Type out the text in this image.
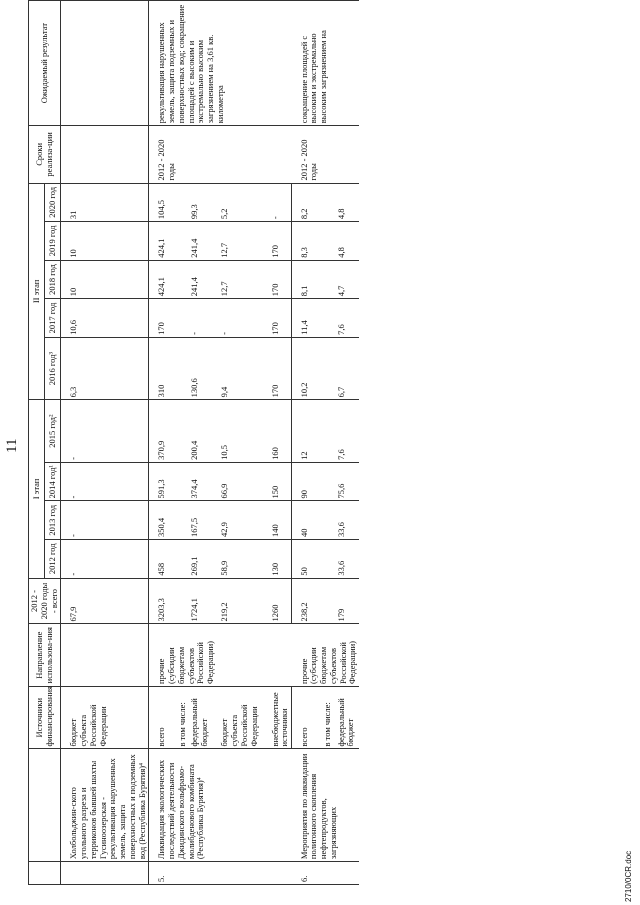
11
		Источники финансирования	Направление использова-ния	2012 - 2020 годы - всего	I этап				II этап					Сроки реализа-ции	Ожидаемый результат
					2012 год	2013 год	2014 год¹	2015 год²	2016 год³	2017 год	2018 год	2019 год	2020 год		
	Холбольджин-ского угольного разреза и терриконов бывшей шахты Гусиноозерская - рекультивация нарушенных земель, защита поверхностных и подземных вод (Республика Бурятия)⁴	бюджет субъекта Российской Федерации		67,9	-	-	-	-	6,3	10,6	10	10	31		
5.	Ликвидация экологических последствий деятельности Джидинского вольфрамо-молибденового комбината (Республика Бурятия)⁴	всего	прочие (субсидии бюджетам субъектов Российской Федерации)	3203,3	458	350,4	591,3	370,9	310	170	424,1	424,1	104,5	2012 - 2020 годы	рекультивация нарушенных земель, защита подземных и поверхностных вод; сокращение площадей с высоким и экстремально высоким загрязнением на 3,61 кв. километра
		в том числе:													
		федеральный бюджет		1724,1	269,1	167,5	374,4	200,4	130,6	-	241,4	241,4	99,3		
		бюджет субъекта Российской Федерации		219,2	58,9	42,9	66,9	10,5	9,4	-	12,7	12,7	5,2		
		внебюджетные источники		1260	130	140	150	160	170	170	170	170	-		
6.	Мероприятия по ликвидации полигонного скопления нефтепродуктов, загрязняющих	всего	прочие (субсидии бюджетам субъектов Российской Федерации)	238,2	50	40	90	12	10,2	11,4	8,1	8,3	8,2	2012 - 2020 годы	сокращение площадей с высоким и экстремально высоким загрязнением на
		в том числе:													
		федеральный бюджет		179	33,6	33,6	75,6	7,6	6,7	7,6	4,7	4,8	4,8		
2710/0CR.doc
